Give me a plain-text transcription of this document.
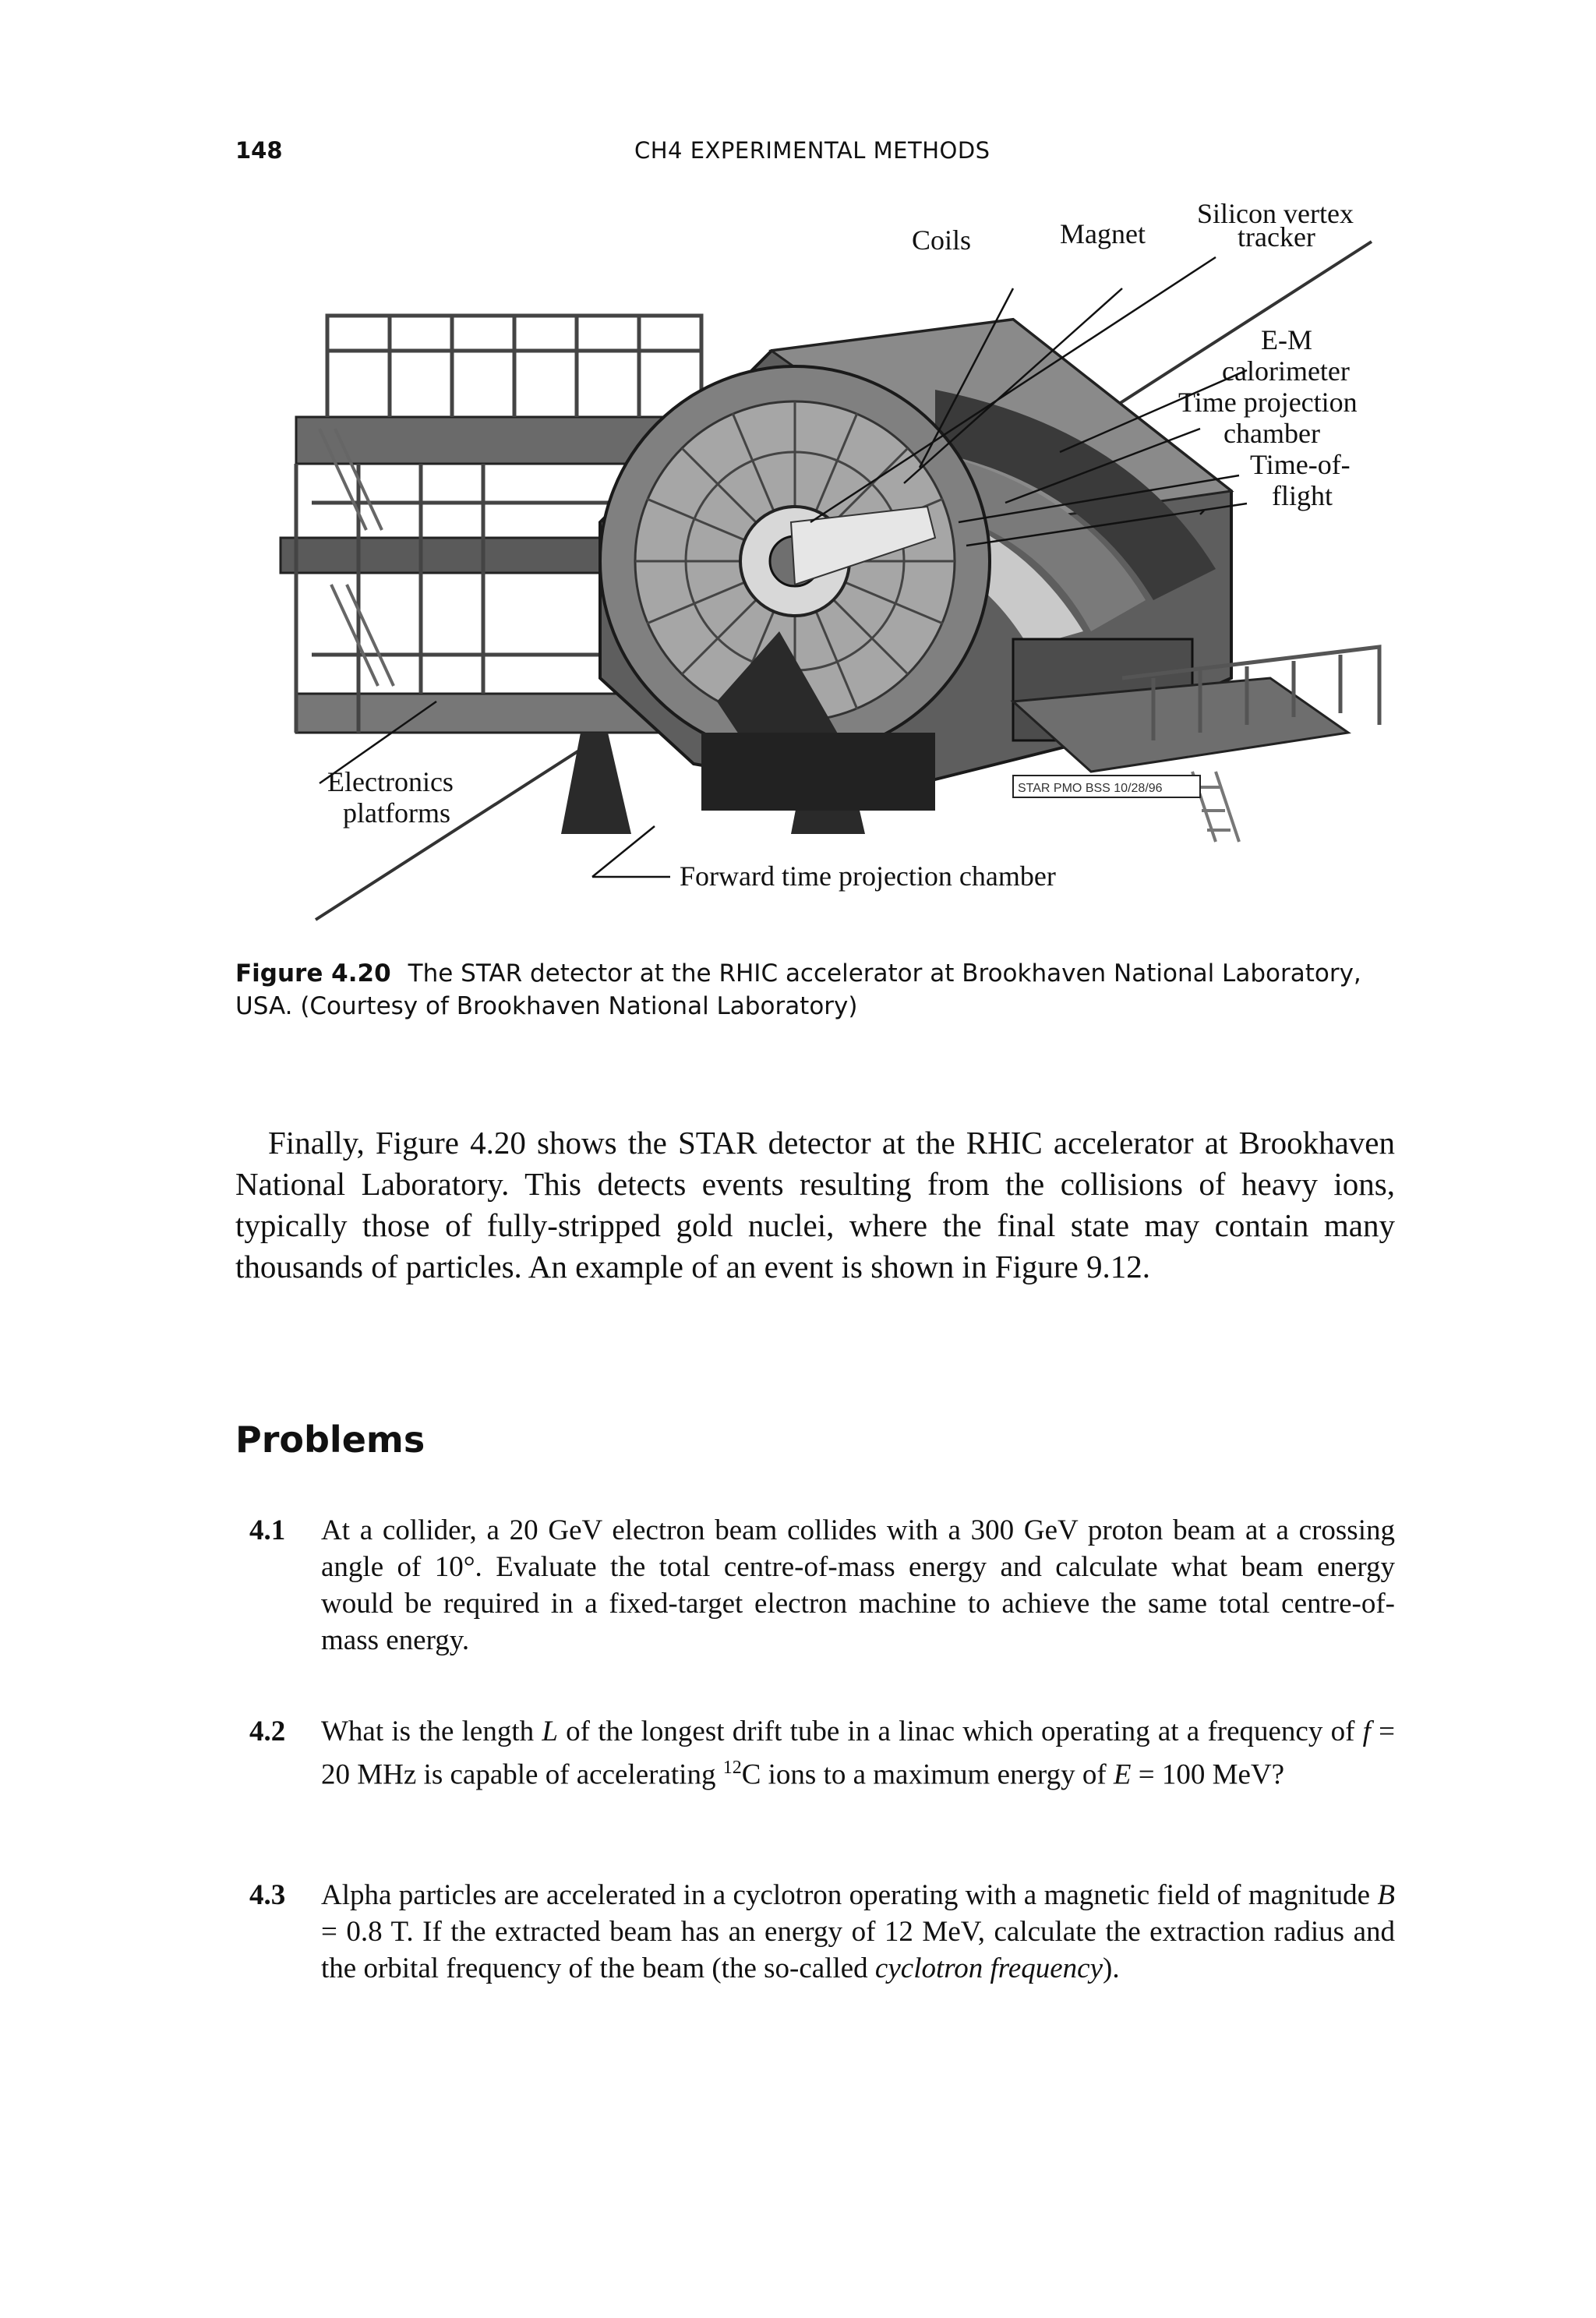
148	CH4 EXPERIMENTAL METHODS
Coils	Magnet
Silicon vertex
tracker
E-M
calorimeter
Time projection
chamber
Time-of-
flight
Electronics
platforms
Forward time projection chamber
STAR PMO BSS 10/28/96
Figure 4.20 The STAR detector at the RHIC accelerator at Brookhaven National Laboratory, USA. (Courtesy of Brookhaven National Laboratory)

Finally, Figure 4.20 shows the STAR detector at the RHIC accelerator at Brookhaven National Laboratory. This detects events resulting from the collisions of heavy ions, typically those of fully-stripped gold nuclei, where the final state may contain many thousands of particles. An example of an event is shown in Figure 9.12.

Problems
4.1 At a collider, a 20 GeV electron beam collides with a 300 GeV proton beam at a crossing angle of 10°. Evaluate the total centre-of-mass energy and calculate what beam energy would be required in a fixed-target electron machine to achieve the same total centre-of-mass energy.
4.2 What is the length L of the longest drift tube in a linac which operating at a frequency of f = 20 MHz is capable of accelerating $^{12}$C ions to a maximum energy of E = 100 MeV?
4.3 Alpha particles are accelerated in a cyclotron operating with a magnetic field of magnitude B = 0.8 T. If the extracted beam has an energy of 12 MeV, calculate the extraction radius and the orbital frequency of the beam (the so-called cyclotron frequency).
